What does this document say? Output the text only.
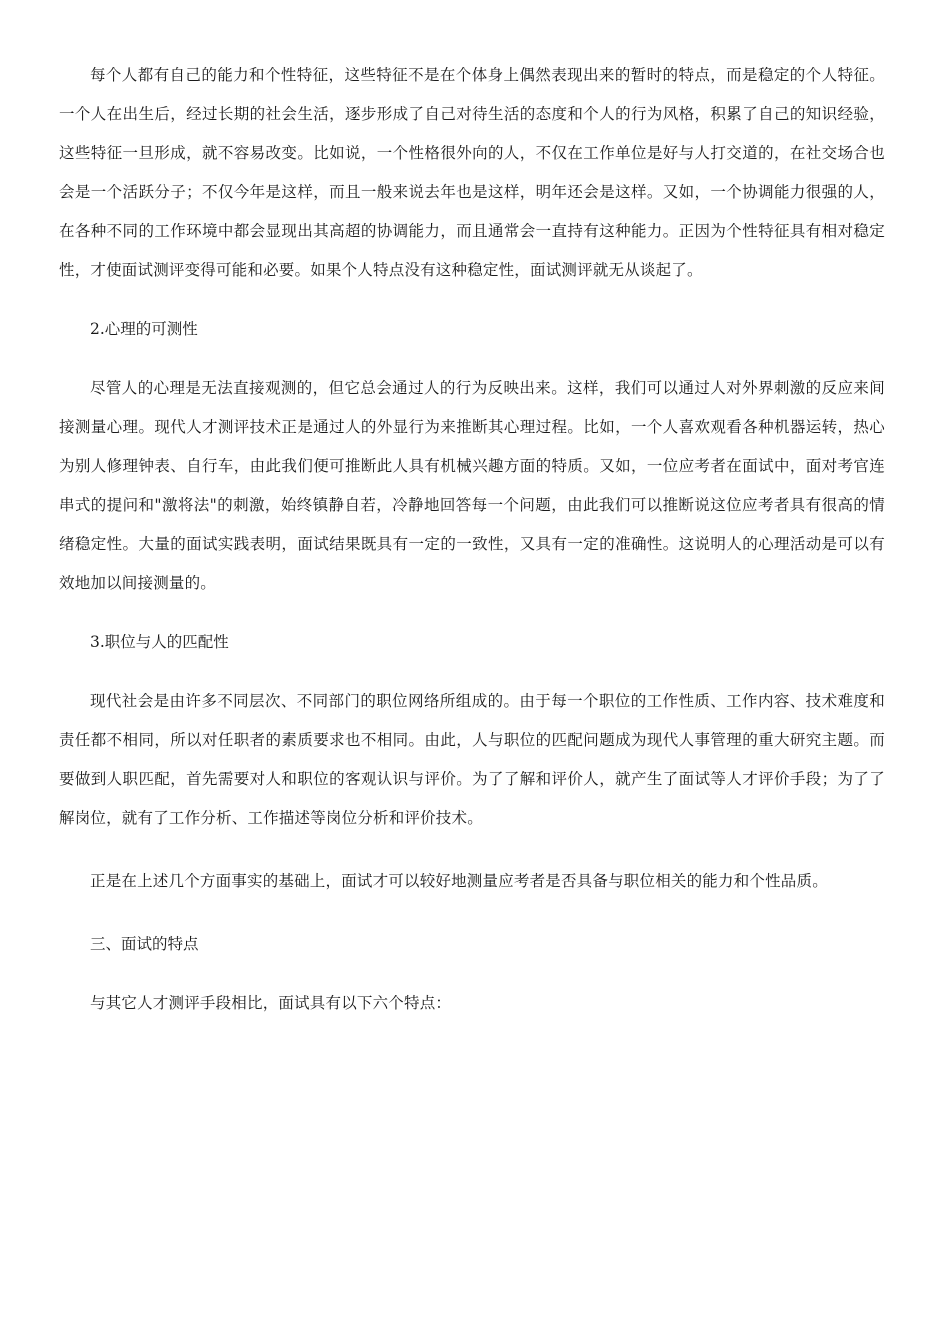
每个人都有自己的能力和个性特征，这些特征不是在个体身上偶然表现出来的暂时的特点，而是稳定的个人特征。一个人在出生后，经过长期的社会生活，逐步形成了自己对待生活的态度和个人的行为风格，积累了自己的知识经验，这些特征一旦形成，就不容易改变。比如说，一个性格很外向的人，不仅在工作单位是好与人打交道的，在社交场合也会是一个活跃分子；不仅今年是这样，而且一般来说去年也是这样，明年还会是这样。又如，一个协调能力很强的人，在各种不同的工作环境中都会显现出其高超的协调能力，而且通常会一直持有这种能力。正因为个性特征具有相对稳定性，才使面试测评变得可能和必要。如果个人特点没有这种稳定性，面试测评就无从谈起了。

2.心理的可测性

尽管人的心理是无法直接观测的，但它总会通过人的行为反映出来。这样，我们可以通过人对外界刺激的反应来间接测量心理。现代人才测评技术正是通过人的外显行为来推断其心理过程。比如，一个人喜欢观看各种机器运转，热心为别人修理钟表、自行车，由此我们便可推断此人具有机械兴趣方面的特质。又如，一位应考者在面试中，面对考官连串式的提问和"激将法"的刺激，始终镇静自若，冷静地回答每一个问题，由此我们可以推断说这位应考者具有很高的情绪稳定性。大量的面试实践表明，面试结果既具有一定的一致性，又具有一定的准确性。这说明人的心理活动是可以有效地加以间接测量的。

3.职位与人的匹配性

现代社会是由许多不同层次、不同部门的职位网络所组成的。由于每一个职位的工作性质、工作内容、技术难度和责任都不相同，所以对任职者的素质要求也不相同。由此，人与职位的匹配问题成为现代人事管理的重大研究主题。而要做到人职匹配，首先需要对人和职位的客观认识与评价。为了了解和评价人，就产生了面试等人才评价手段；为了了解岗位，就有了工作分析、工作描述等岗位分析和评价技术。

正是在上述几个方面事实的基础上，面试才可以较好地测量应考者是否具备与职位相关的能力和个性品质。

三、面试的特点

与其它人才测评手段相比，面试具有以下六个特点：
